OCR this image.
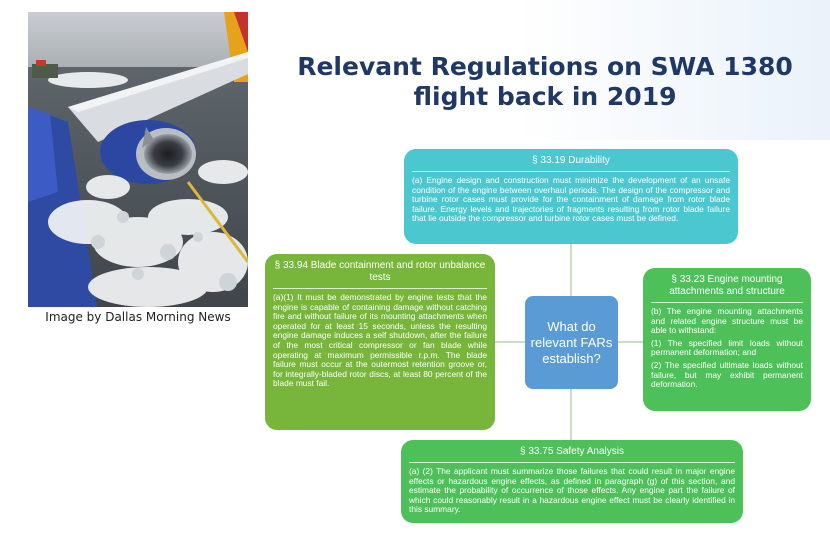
Image by Dallas Morning News
Relevant Regulations on SWA 1380
flight back in 2019
§ 33.19 Durability
(a) Engine design and construction must minimize the development of an unsafe condition of the engine between overhaul periods. The design of the compressor and turbine rotor cases must provide for the containment of damage from rotor blade failure. Energy levels and trajectories of fragments resulting from rotor blade failure that lie outside the compressor and turbine rotor cases must be defined.
§ 33.94 Blade containment and rotor unbalance tests
(a)(1) It must be demonstrated by engine tests that the engine is capable of containing damage without catching fire and without failure of its mounting attachments when operated for at least 15 seconds, unless the resulting engine damage induces a self shutdown, after the failure of the most critical compressor or fan blade while operating at maximum permissible r.p.m. The blade failure must occur at the outermost retention groove or, for integrally-bladed rotor discs, at least 80 percent of the blade must fail.
What do relevant FARs establish?
§ 33.23 Engine mounting attachments and structure

(b) The engine mounting attachments and related engine structure must be able to withstand:

(1) The specified limit loads without permanent deformation; and

(2) The specified ultimate loads without failure, but may exhibit permanent deformation.

§ 33.75 Safety Analysis
(a) (2) The applicant must summarize those failures that could result in major engine effects or hazardous engine effects, as defined in paragraph (g) of this section, and estimate the probability of occurrence of those effects. Any engine part the failure of which could reasonably result in a hazardous engine effect must be clearly identified in this summary.
